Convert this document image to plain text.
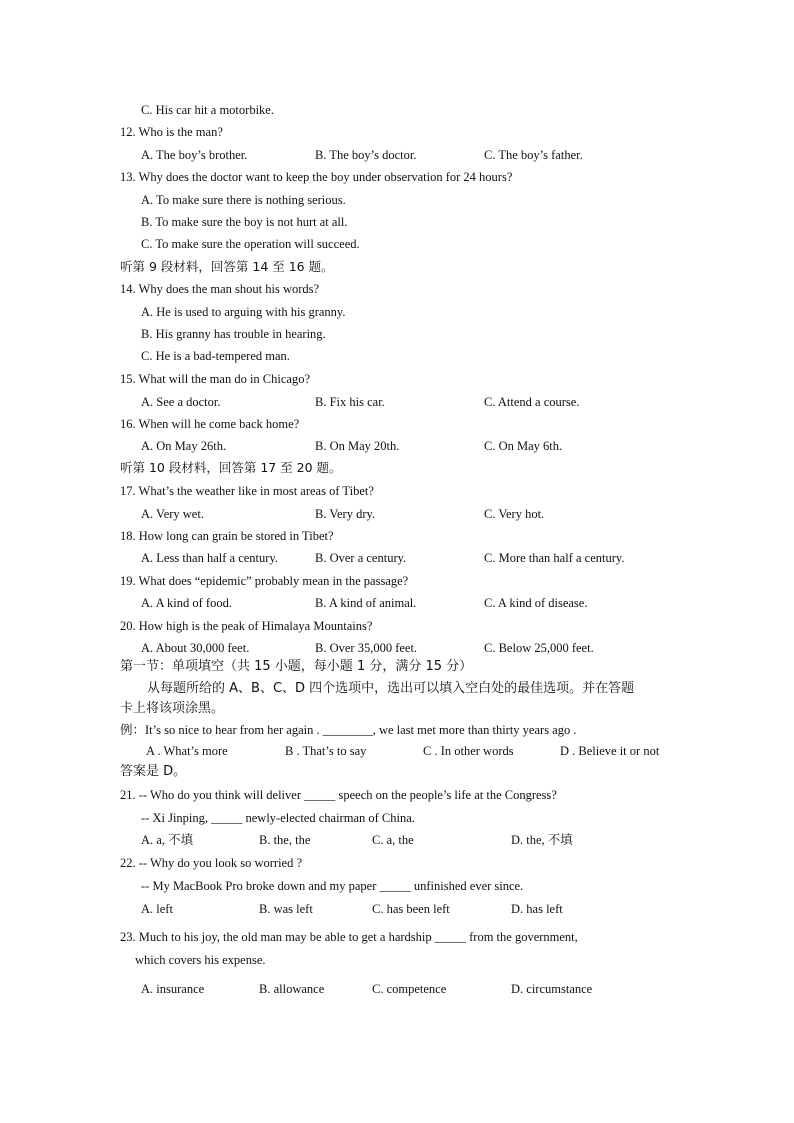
C. His car hit a motorbike.
12. Who is the man?
A. The boy’s brother.	B. The boy’s doctor.	C. The boy’s father.
13. Why does the doctor want to keep the boy under observation for 24 hours?
A. To make sure there is nothing serious.
B. To make sure the boy is not hurt at all.
C. To make sure the operation will succeed.
听第 9 段材料，回答第 14 至 16 题。
14. Why does the man shout his words?
A. He is used to arguing with his granny.
B. His granny has trouble in hearing.
C. He is a bad-tempered man.
15. What will the man do in Chicago?
A. See a doctor.	B. Fix his car.	C. Attend a course.
16. When will he come back home?
A. On May 26th.	B. On May 20th.	C. On May 6th.
听第 10 段材料，回答第 17 至 20 题。
17. What’s the weather like in most areas of Tibet?
A. Very wet.	B. Very dry.	C. Very hot.
18. How long can grain be stored in Tibet?
A. Less than half a century.	B. Over a century.	C. More than half a century.
19. What does “epidemic” probably mean in the passage?
A. A kind of food.	B. A kind of animal.	C. A kind of disease.
20. How high is the peak of Himalaya Mountains?
A. About 30,000 feet.	B. Over 35,000 feet.	C. Below 25,000 feet.
第一节：单项填空（共 15 小题，每小题 1 分，满分 15 分）
从每题所给的 A、B、C、D 四个选项中，选出可以填入空白处的最佳选项。并在答题
卡上将该项涂黑。
例：It’s so nice to hear from her again . ________, we last met more than thirty years ago .
A . What’s more	B . That’s to say	C . In other words	D . Believe it or not
答案是 D。
21. -- Who do you think will deliver _____ speech on the people’s life at the Congress?
-- Xi Jinping, _____ newly-elected chairman of China.
A. a, 不填	B. the, the	C. a, the	D. the, 不填
22. -- Why do you look so worried ?
-- My MacBook Pro broke down and my paper _____ unfinished ever since.
A. left	B. was left	C. has been left	D. has left
23. Much to his joy, the old man may be able to get a hardship _____ from the government,
which covers his expense.
A. insurance	B. allowance	C. competence	D. circumstance
